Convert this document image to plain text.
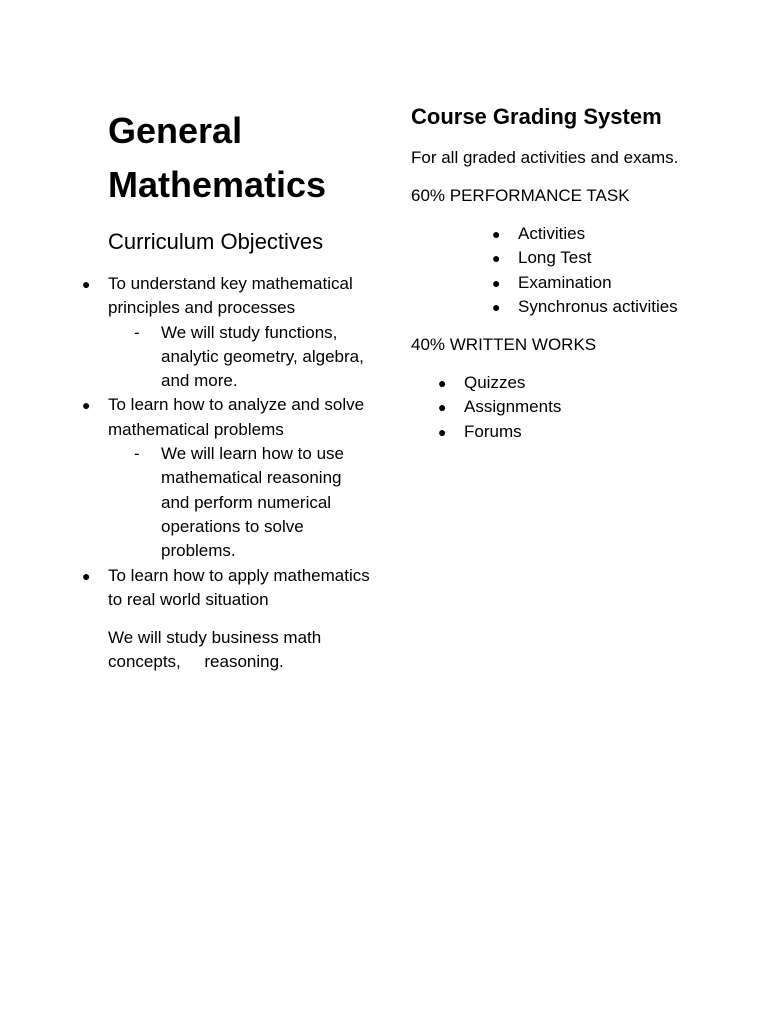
General
Mathematics
Curriculum Objectives
● To understand key mathematical principles and processes
- We will study functions, analytic geometry, algebra, and more.
● To learn how to analyze and solve mathematical problems
- We will learn how to use mathematical reasoning and perform numerical operations to solve problems.
● To learn how to apply mathematics to real world situation
We will study business math concepts,     reasoning.
Course Grading System
For all graded activities and exams.
60% PERFORMANCE TASK
● Activities
● Long Test
● Examination
● Synchronus activities
40% WRITTEN WORKS
● Quizzes
● Assignments
● Forums
